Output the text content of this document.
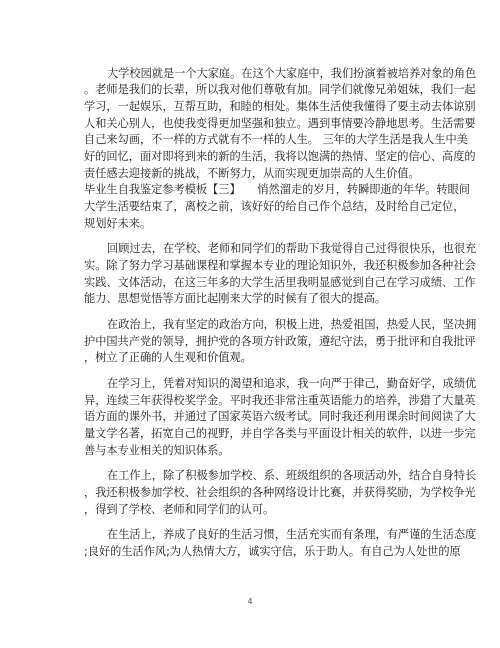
大学校园就是一个大家庭。在这个大家庭中，我们扮演着被培养对象的角色
。老师是我们的长辈，所以我对他们尊敬有加。同学们就像兄弟姐妹，我们一起
学习，一起娱乐，互帮互助，和睦的相处。集体生活使我懂得了要主动去体谅别
人和关心别人，也使我变得更加坚强和独立。遇到事情要冷静地思考。生活需要
自己来勾画，不一样的方式就有不一样的人生。 三年的大学生活是我人生中美
好的回忆，面对即将到来的新的生活，我将以饱满的热情、坚定的信心、高度的
责任感去迎接新的挑战，不断努力，从而实现更加崇高的人生价值。
毕业生自我鉴定参考模板【三】　　悄然溜走的岁月，转瞬即逝的年华。转眼间
大学生活要结束了，离校之前，该好好的给自己作个总结，及时给自己定位，
规划好未来。
回顾过去，在学校、老师和同学们的帮助下我觉得自己过得很快乐，也很充
实。除了努力学习基础课程和掌握本专业的理论知识外，我还积极参加各种社会
实践、文体活动，在这三年多的大学生活里我明显感觉到自己在学习成绩、工作
能力、思想觉悟等方面比起刚来大学的时候有了很大的提高。
在政治上，我有坚定的政治方向，积极上进，热爱祖国，热爱人民，坚决拥
护中国共产党的领导，拥护党的各项方针政策，遵纪守法，勇于批评和自我批评
，树立了正确的人生观和价值观。
在学习上，凭着对知识的渴望和追求，我一向严于律己，勤奋好学，成绩优
异，连续三年获得校奖学金。平时我还非常注重英语能力的培养，涉猎了大量英
语方面的课外书，并通过了国家英语六级考试。同时我还利用课余时间阅读了大
量文学名著，拓宽自己的视野，并自学各类与平面设计相关的软件，以进一步完
善与本专业相关的知识体系。
在工作上，除了积极参加学校、系、班级组织的各项活动外，结合自身特长
，我还积极参加学校、社会组织的各种网络设计比赛，并获得奖励，为学校争光
，得到了学校、老师和同学们的认可。
在生活上，养成了良好的生活习惯，生活充实而有条理，有严谨的生活态度
;良好的生活作风;为人热情大方，诚实守信，乐于助人。有自己为人处世的原
4
